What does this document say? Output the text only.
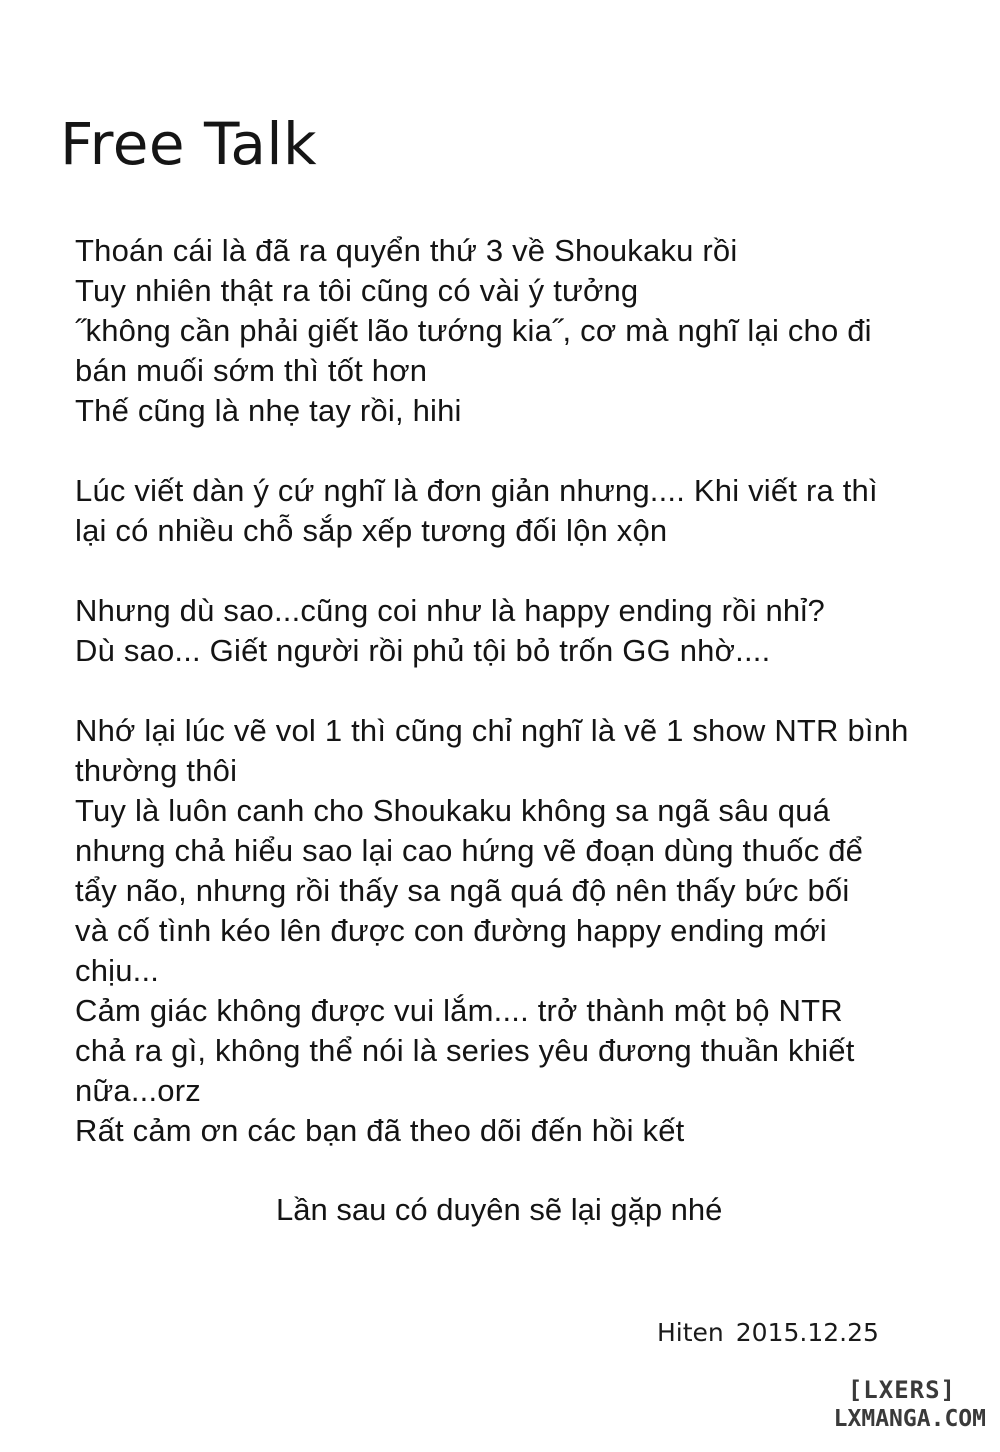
Free Talk
Thoán cái là đã ra quyển thứ 3 về Shoukaku rồi
Tuy nhiên thật ra tôi cũng có vài ý tưởng
˝không cần phải giết lão tướng kia˝, cơ mà nghĩ lại cho đi
bán muối sớm thì tốt hơn
Thế cũng là nhẹ tay rồi, hihi
Lúc viết dàn ý cứ nghĩ là đơn giản nhưng.... Khi viết ra thì
lại có nhiều chỗ sắp xếp tương đối lộn xộn
Nhưng dù sao...cũng coi như là happy ending rồi nhỉ?
Dù sao... Giết người rồi phủ tội bỏ trốn GG nhờ....
Nhớ lại lúc vẽ vol 1 thì cũng chỉ nghĩ là vẽ 1 show NTR bình
thường thôi
Tuy là luôn canh cho Shoukaku không sa ngã sâu quá
nhưng chả hiểu sao lại cao hứng vẽ đoạn dùng thuốc để
tẩy não, nhưng rồi thấy sa ngã quá độ nên thấy bức bối
và cố tình kéo lên được con đường happy ending mới
chịu...
Cảm giác không được vui lắm.... trở thành một bộ NTR
chả ra gì, không thể nói là series yêu đương thuần khiết
nữa...orz
Rất cảm ơn các bạn đã theo dõi đến hồi kết
Lần sau có duyên sẽ lại gặp nhé
Hiten 2015.12.25
[LXERS]
LXMANGA.COM
